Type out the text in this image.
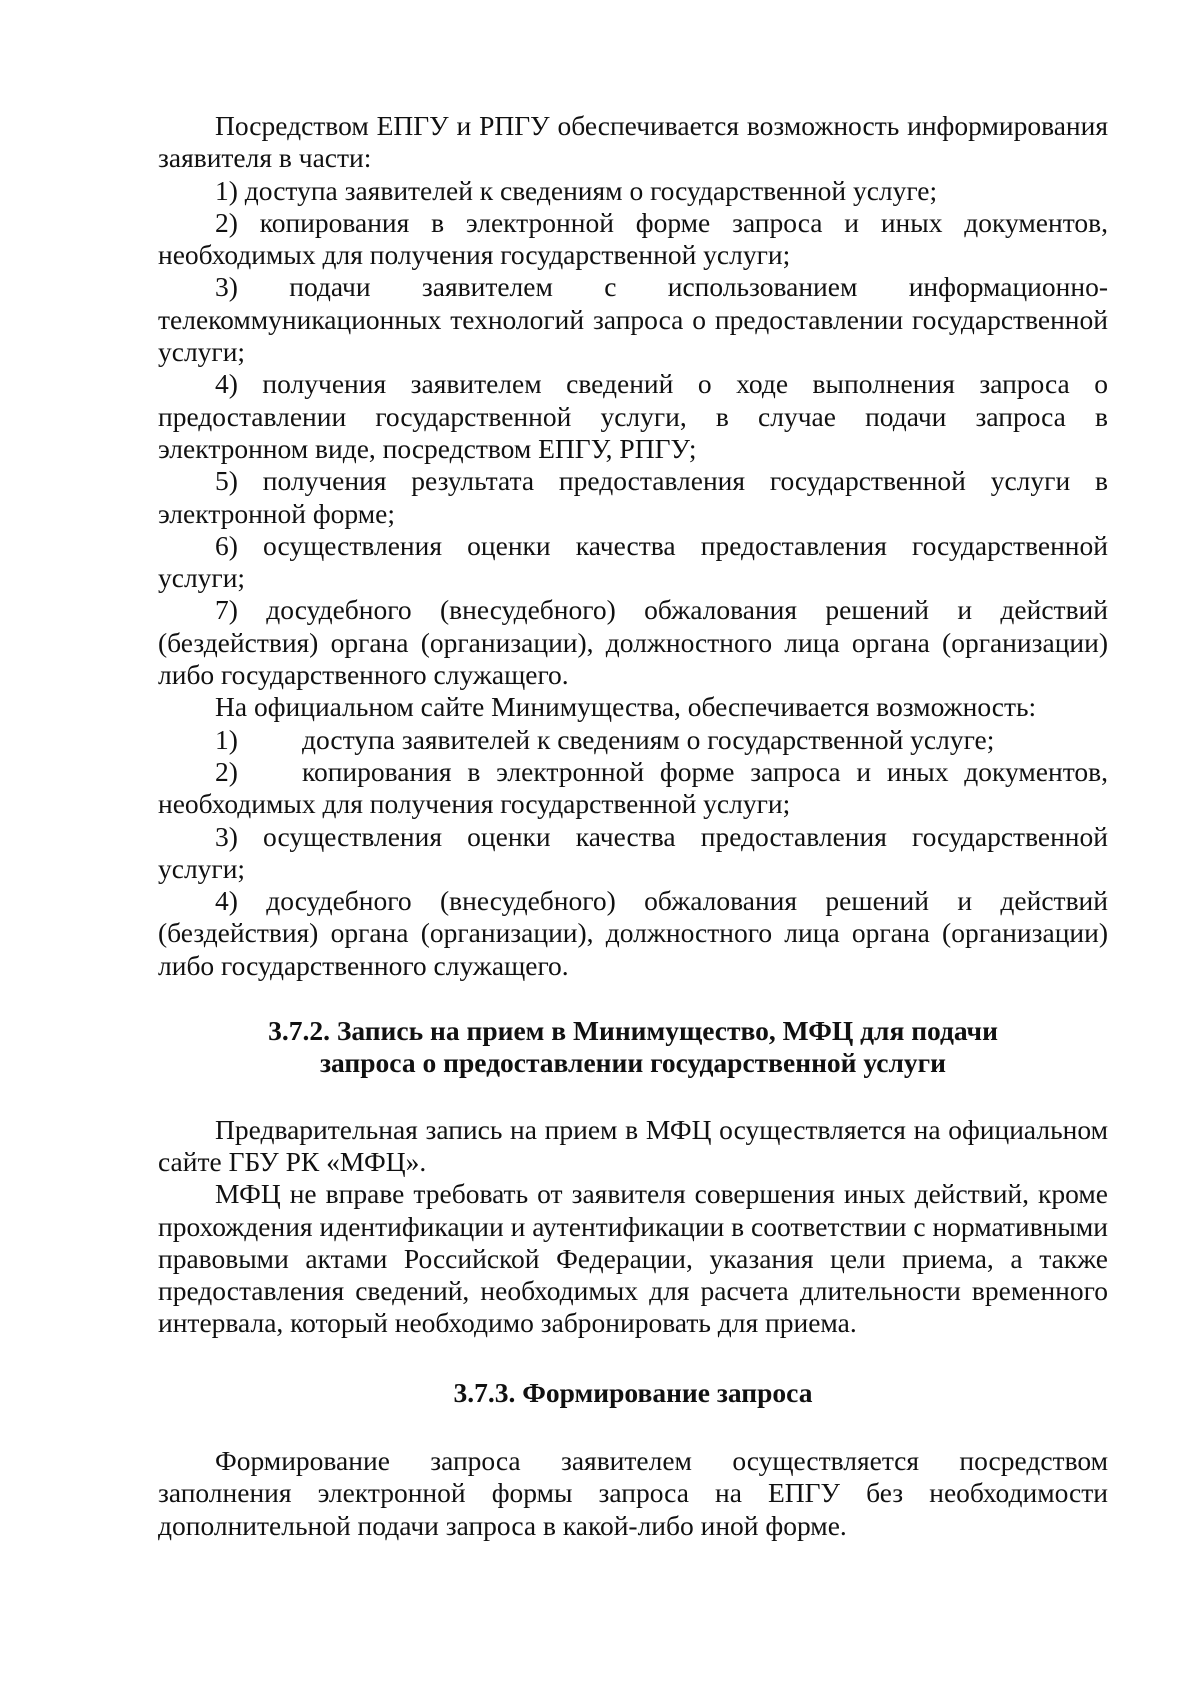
Посредством ЕПГУ и РПГУ обеспечивается возможность информирования заявителя в части:

1) доступа заявителей к сведениям о государственной услуге;

2) копирования в электронной форме запроса и иных документов, необходимых для получения государственной услуги;

3) подачи заявителем с использованием информационно-телекоммуникационных технологий запроса о предоставлении государственной услуги;

4) получения заявителем сведений о ходе выполнения запроса о предоставлении государственной услуги, в случае подачи запроса в электронном виде, посредством ЕПГУ, РПГУ;

5) получения результата предоставления государственной услуги в электронной форме;

6) осуществления оценки качества предоставления государственной услуги;

7) досудебного (внесудебного) обжалования решений и действий (бездействия) органа (организации), должностного лица органа (организации) либо государственного служащего.

На официальном сайте Минимущества, обеспечивается возможность:

1) доступа заявителей к сведениям о государственной услуге;

2) копирования в электронной форме запроса и иных документов, необходимых для получения государственной услуги;

3) осуществления оценки качества предоставления государственной услуги;

4) досудебного (внесудебного) обжалования решений и действий (бездействия) органа (организации), должностного лица органа (организации) либо государственного служащего.

3.7.2. Запись на прием в Минимущество, МФЦ для подачи
запроса о предоставлении государственной услуги

Предварительная запись на прием в МФЦ осуществляется на официальном сайте ГБУ РК «МФЦ».

МФЦ не вправе требовать от заявителя совершения иных действий, кроме прохождения идентификации и аутентификации в соответствии с нормативными правовыми актами Российской Федерации, указания цели приема, а также предоставления сведений, необходимых для расчета длительности временного интервала, который необходимо забронировать для приема.

3.7.3. Формирование запроса

Формирование запроса заявителем осуществляется посредством заполнения электронной формы запроса на ЕПГУ без необходимости дополнительной подачи запроса в какой-либо иной форме.
